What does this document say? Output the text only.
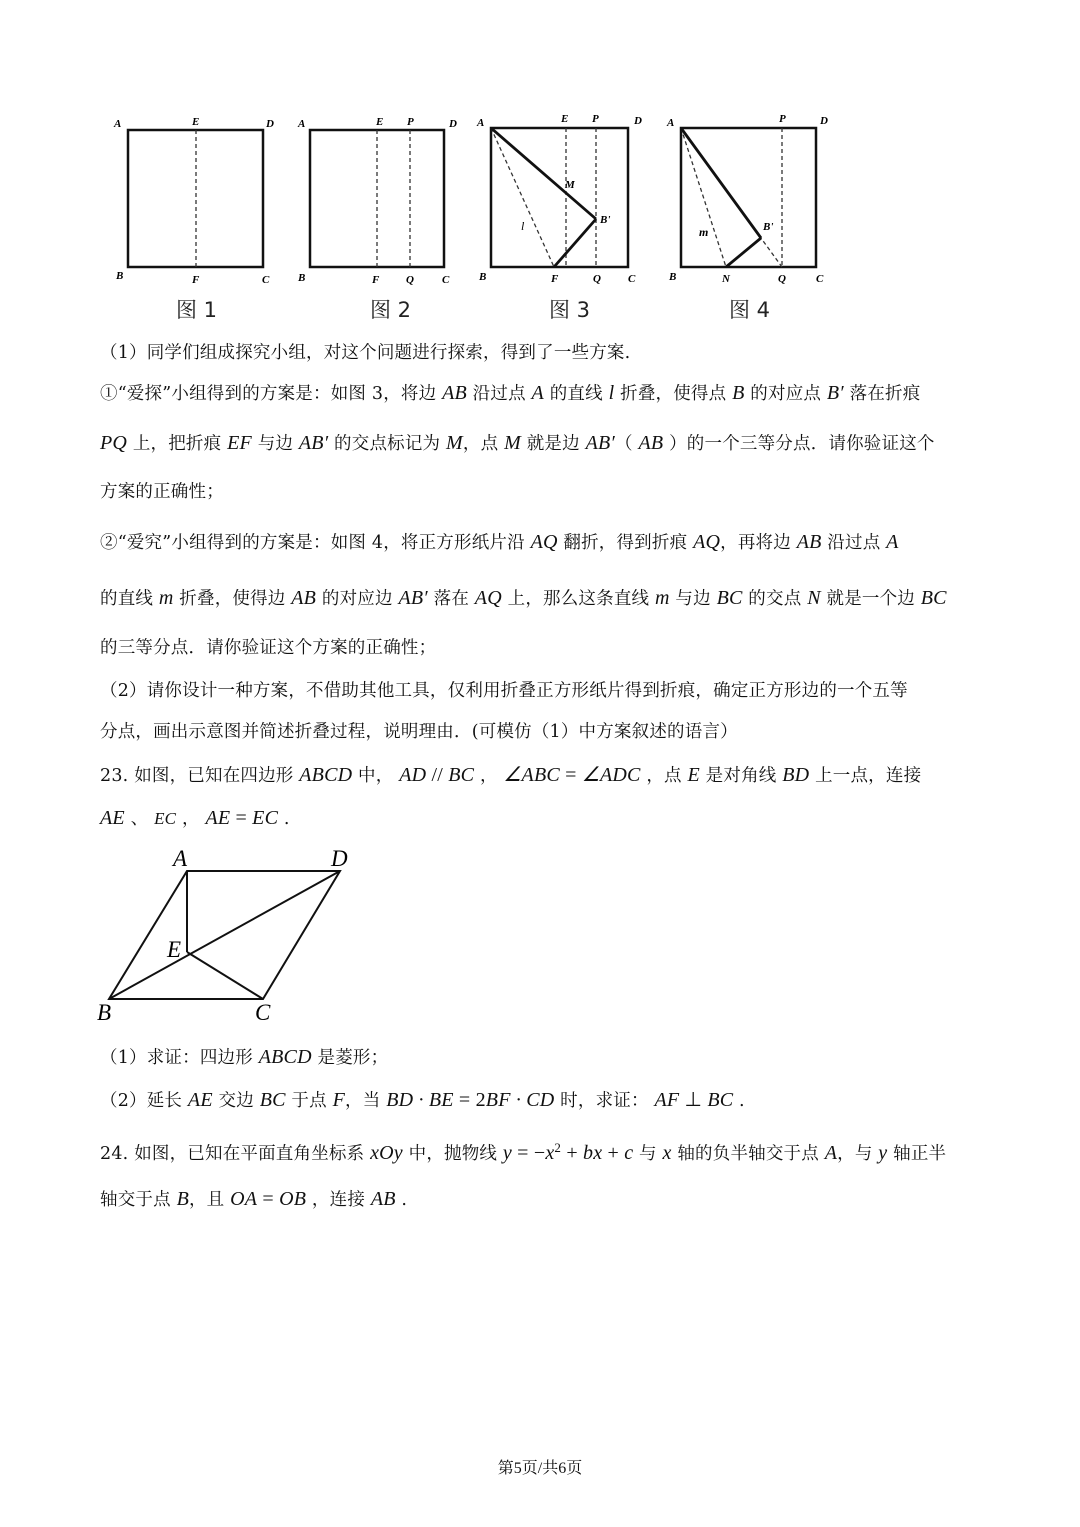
A	E	D
B	F	C
图 1
A	E P	D
B	F Q	C
图 2
A	E P	D
M
B'
l
B	F	Q C
图 3
A	P	D
B'
m
B	N	Q	C
图 4
（1）同学们组成探究小组，对这个问题进行探索，得到了一些方案.
①“爱探”小组得到的方案是：如图 3，将边 AB 沿过点 A 的直线 l 折叠，使得点 B 的对应点 B′ 落在折痕
PQ 上，把折痕 EF 与边 AB′ 的交点标记为 M，点 M 就是边 AB′（ AB ）的一个三等分点．请你验证这个
方案的正确性；
②“爱究”小组得到的方案是：如图 4，将正方形纸片沿 AQ 翻折，得到折痕 AQ，再将边 AB 沿过点 A
的直线 m 折叠，使得边 AB 的对应边 AB′ 落在 AQ 上，那么这条直线 m 与边 BC 的交点 N 就是一个边 BC
的三等分点．请你验证这个方案的正确性；
（2）请你设计一种方案，不借助其他工具，仅利用折叠正方形纸片得到折痕，确定正方形边的一个五等
分点，画出示意图并简述折叠过程，说明理由．(可模仿（1）中方案叙述的语言）
23. 如图，已知在四边形 ABCD 中， AD // BC ， ∠ABC = ∠ADC ，点 E 是对角线 BD 上一点，连接
AE 、 EC ， AE = EC .
A	D
E
B	C
（1）求证：四边形 ABCD 是菱形；
（2）延长 AE 交边 BC 于点 F，当 BD · BE = 2BF · CD 时，求证： AF ⊥ BC .
24. 如图，已知在平面直角坐标系 xOy 中，抛物线 $y = -x^2$ + bx + c 与 x 轴的负半轴交于点 A，与 y 轴正半
轴交于点 B，且 OA = OB ，连接 AB .
第5页/共6页
